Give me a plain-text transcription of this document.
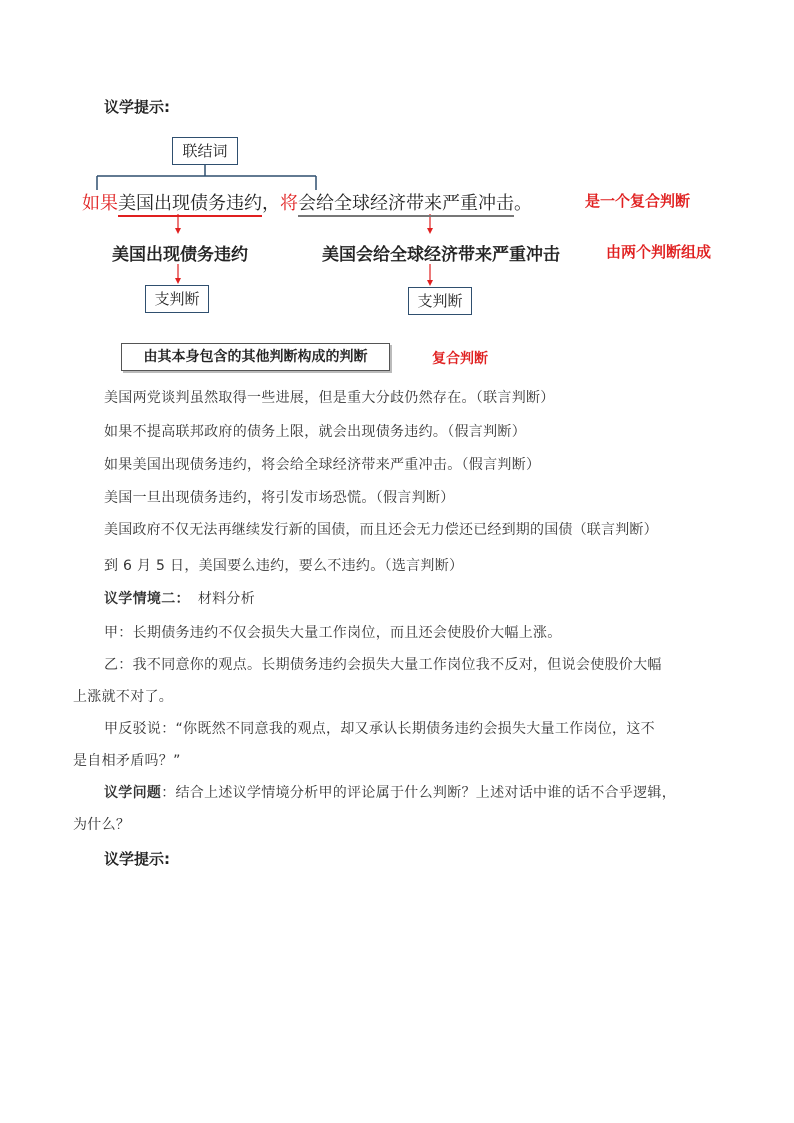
议学提示:
联结词
如果美国出现债务违约，将会给全球经济带来严重冲击。	是一个复合判断
美国出现债务违约	美国会给全球经济带来严重冲击	由两个判断组成
支判断	支判断
由其本身包含的其他判断构成的判断	复合判断
美国两党谈判虽然取得一些进展，但是重大分歧仍然存在。（联言判断）
如果不提高联邦政府的债务上限，就会出现债务违约。（假言判断）
如果美国出现债务违约，将会给全球经济带来严重冲击。（假言判断）
美国一旦出现债务违约，将引发市场恐慌。（假言判断）
美国政府不仅无法再继续发行新的国债，而且还会无力偿还已经到期的国债（联言判断）
到 6 月 5 日，美国要么违约，要么不违约。（选言判断）
议学情境二： 材料分析
甲：长期债务违约不仅会损失大量工作岗位，而且还会使股价大幅上涨。
乙：我不同意你的观点。长期债务违约会损失大量工作岗位我不反对，但说会使股价大幅
上涨就不对了。
甲反驳说：“你既然不同意我的观点，却又承认长期债务违约会损失大量工作岗位，这不
是自相矛盾吗？”
议学问题：结合上述议学情境分析甲的评论属于什么判断？上述对话中谁的话不合乎逻辑，
为什么？
议学提示:
